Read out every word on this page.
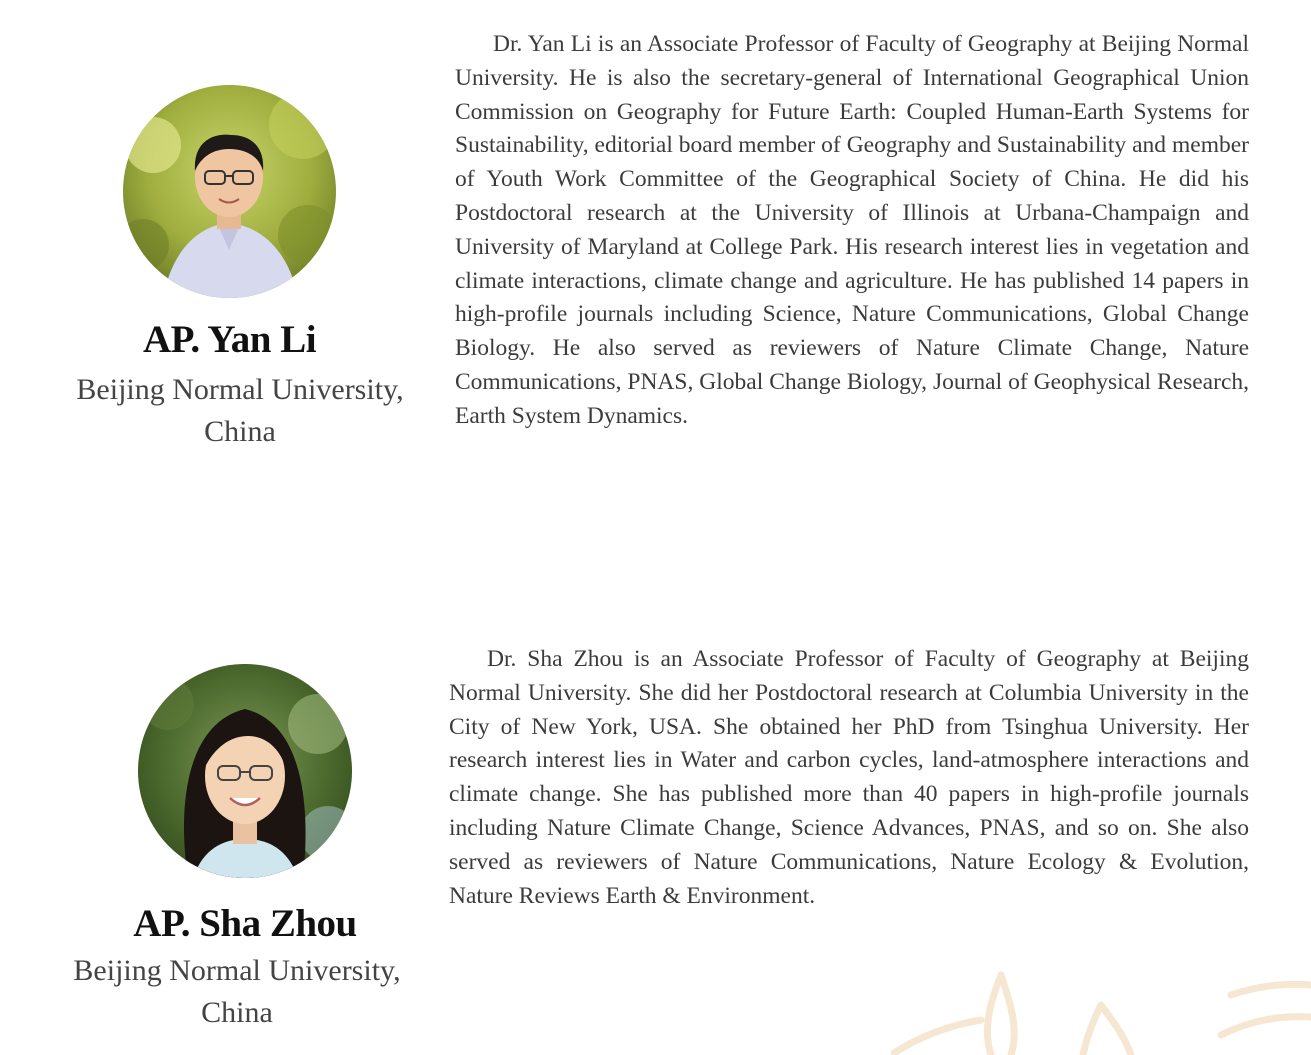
AP. Yan Li

Beijing Normal University,
China

Dr. Yan Li is an Associate Professor of Faculty of Geography at Beijing Normal University. He is also the secretary-general of International Geographical Union Commission on Geography for Future Earth: Coupled Human-Earth Systems for Sustainability, editorial board member of Geography and Sustainability and member of Youth Work Committee of the Geographical Society of China. He did his Postdoctoral research at the University of Illinois at Urbana-Champaign and University of Maryland at College Park. His research interest lies in vegetation and climate interactions, climate change and agriculture. He has published 14 papers in high-profile journals including Science, Nature Communications, Global Change Biology. He also served as reviewers of Nature Climate Change, Nature Communications, PNAS, Global Change Biology, Journal of Geophysical Research, Earth System Dynamics.

AP. Sha Zhou

Beijing Normal University,
China

Dr. Sha Zhou is an Associate Professor of Faculty of Geography at Beijing Normal University. She did her Postdoctoral research at Columbia University in the City of New York, USA. She obtained her PhD from Tsinghua University. Her research interest lies in Water and carbon cycles, land-atmosphere interactions and climate change. She has published more than 40 papers in high-profile journals including Nature Climate Change, Science Advances, PNAS, and so on. She also served as reviewers of Nature Communications, Nature Ecology & Evolution, Nature Reviews Earth & Environment.
